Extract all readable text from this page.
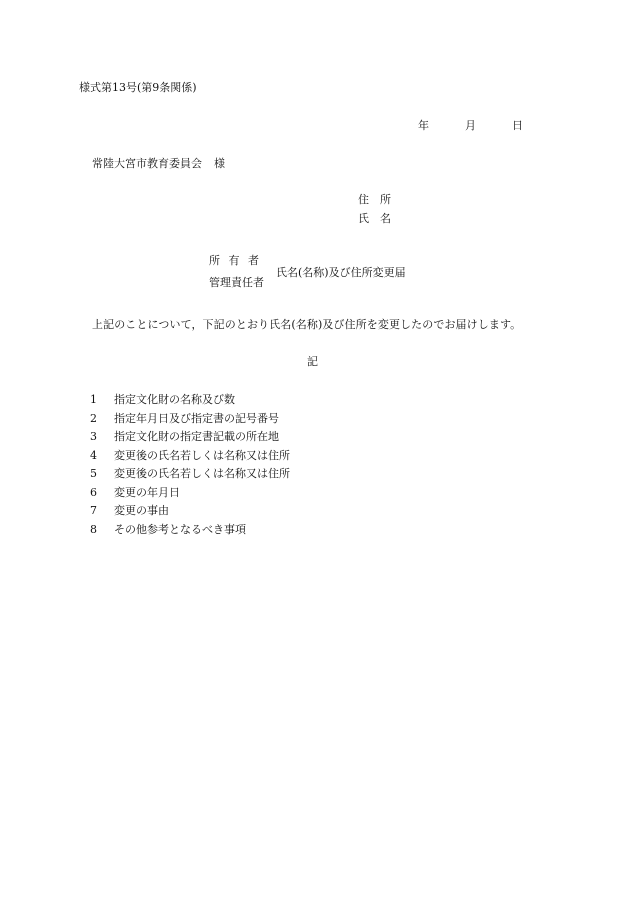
様式第13号(第9条関係)
年	月	日
常陸大宮市教育委員会 様
住所
氏名
所有者
管理責任者
氏名(名称)及び住所変更届
上記のことについて，下記のとおり氏名(名称)及び住所を変更したのでお届けします。
記
1 指定文化財の名称及び数
2 指定年月日及び指定書の記号番号
3 指定文化財の指定書記載の所在地
4 変更後の氏名若しくは名称又は住所
5 変更後の氏名若しくは名称又は住所
6 変更の年月日
7 変更の事由
8 その他参考となるべき事項
